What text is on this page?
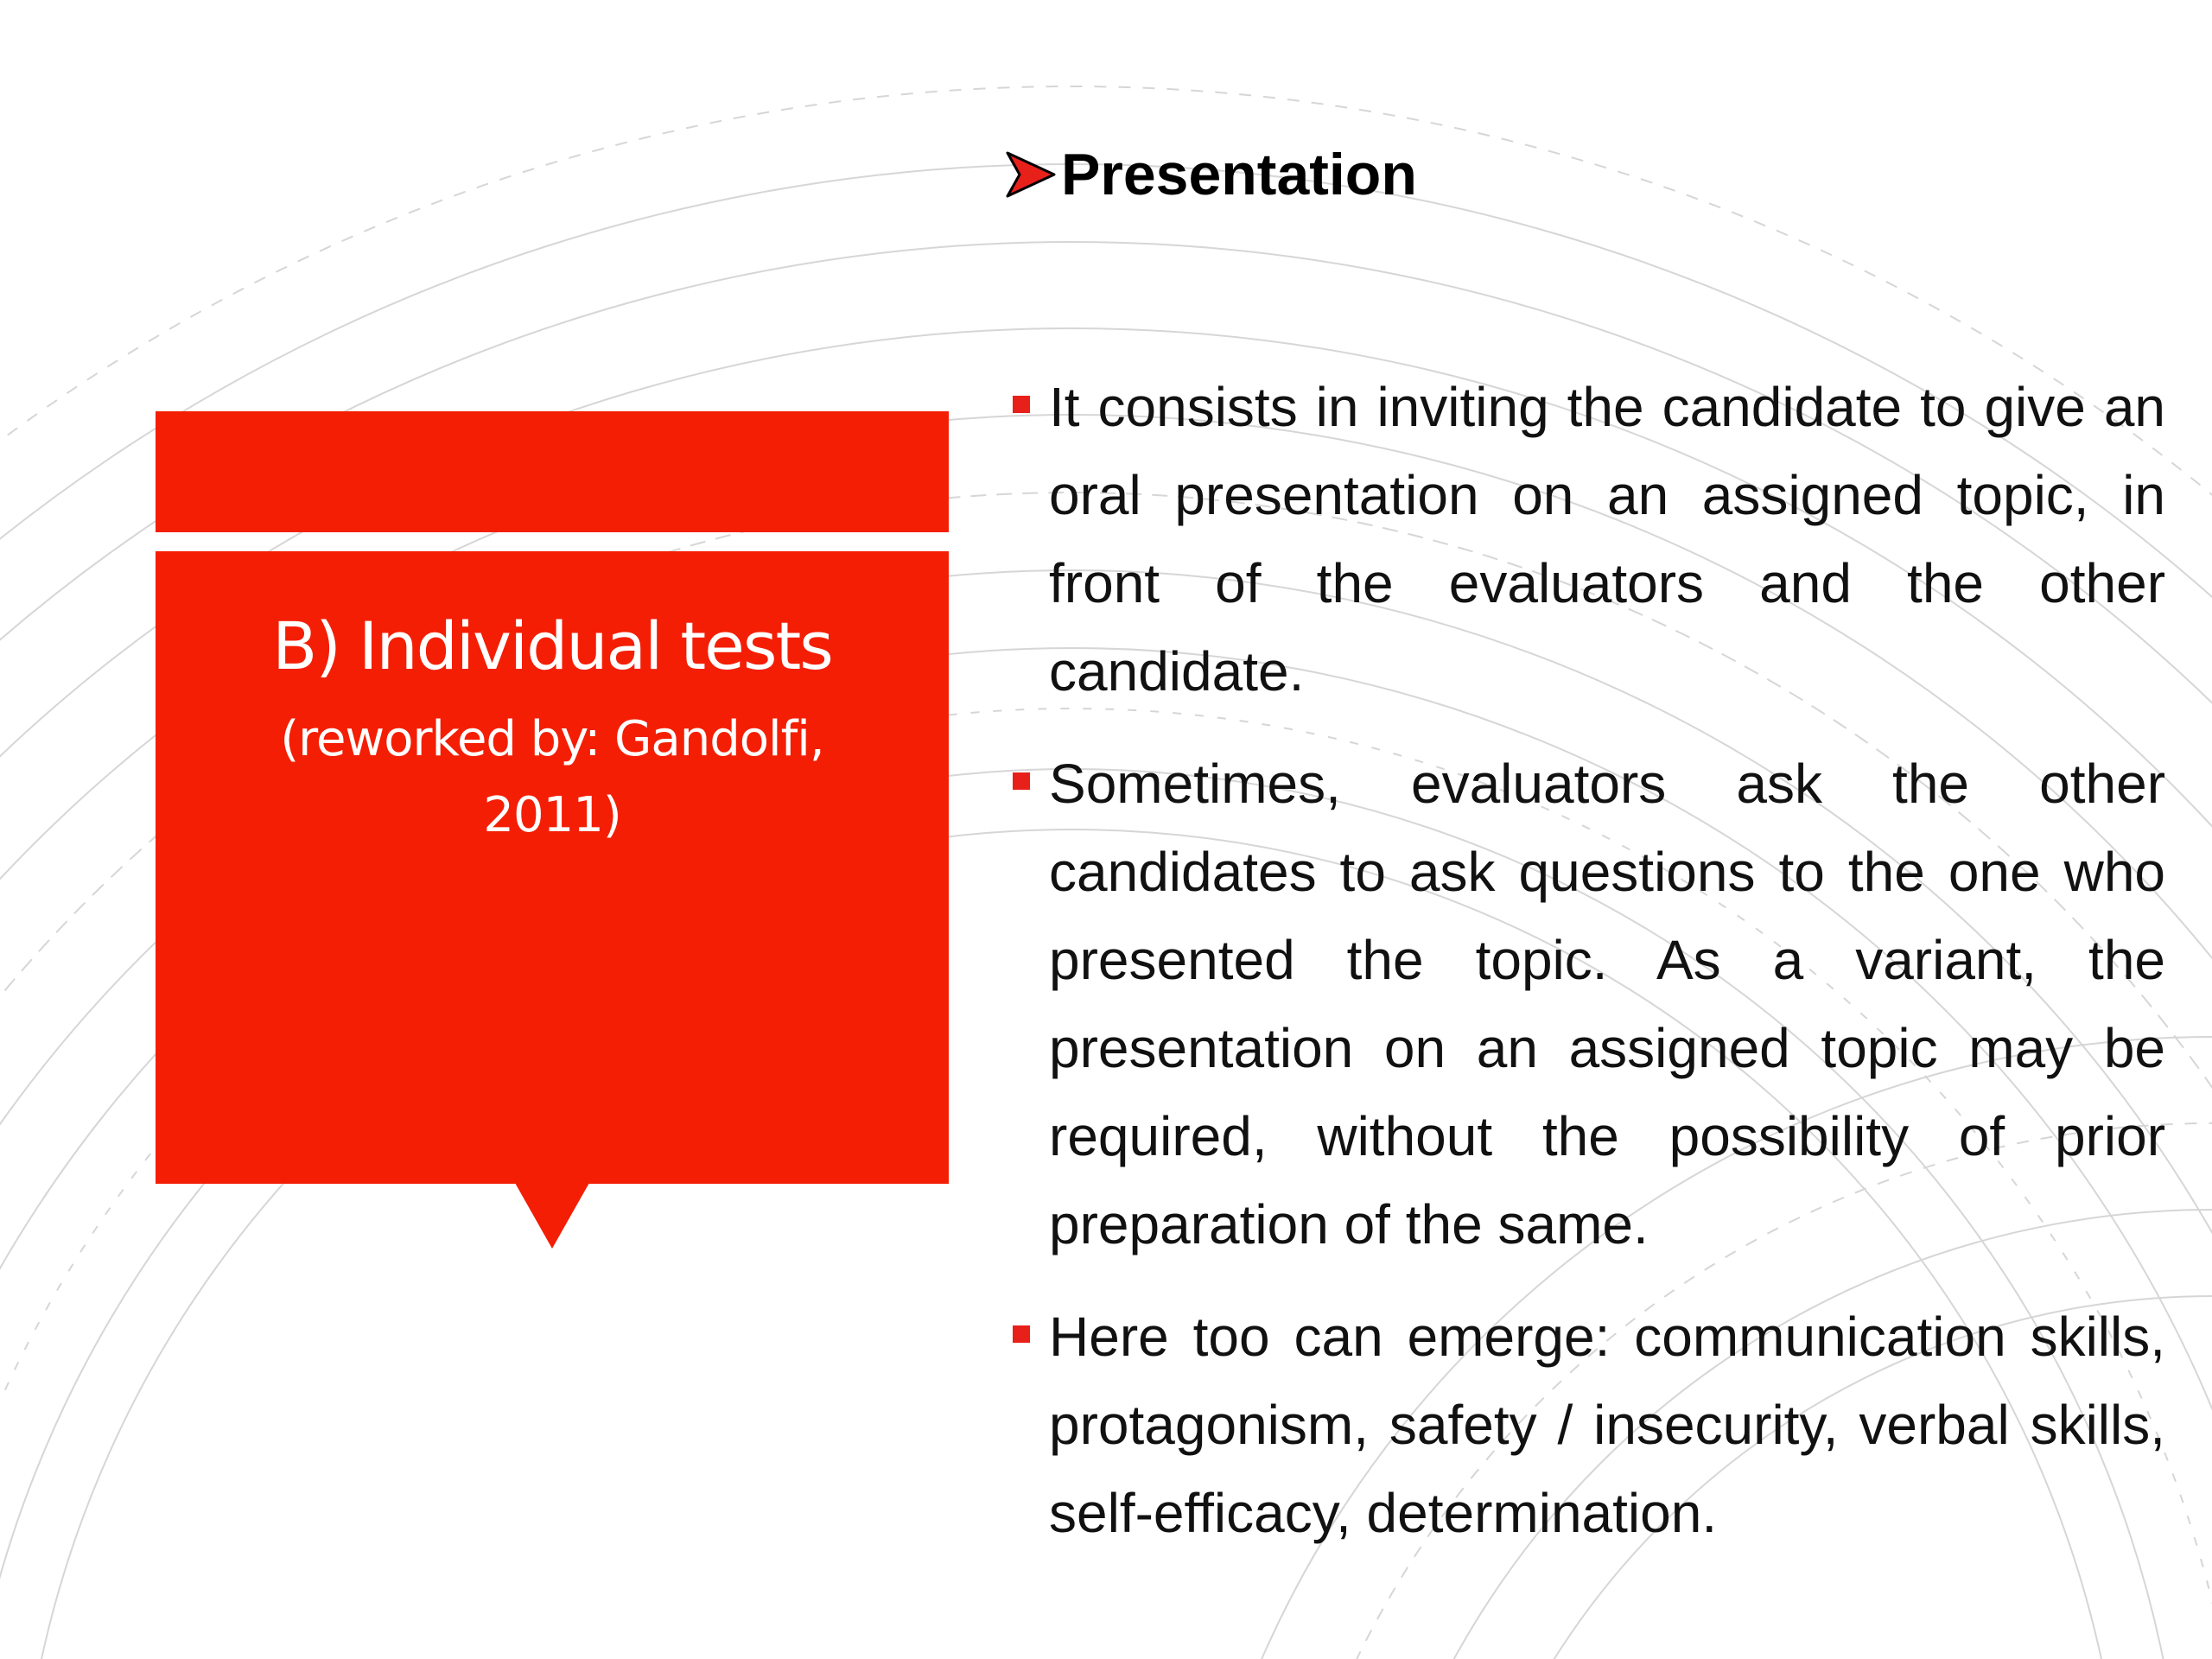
B) Individual tests
(reworked by: Gandolfi, 2011)
Presentation
It consists in inviting the candidate to give an oral presentation on an assigned topic, in front of the evaluators and the other candidate.
Sometimes, evaluators ask the other candidates to ask questions to the one who presented the topic. As a variant, the presentation on an assigned topic may be required, without the possibility of prior preparation of the same.
Here too can emerge: communication skills, protagonism, safety / insecurity, verbal skills, self-efficacy, determination.
